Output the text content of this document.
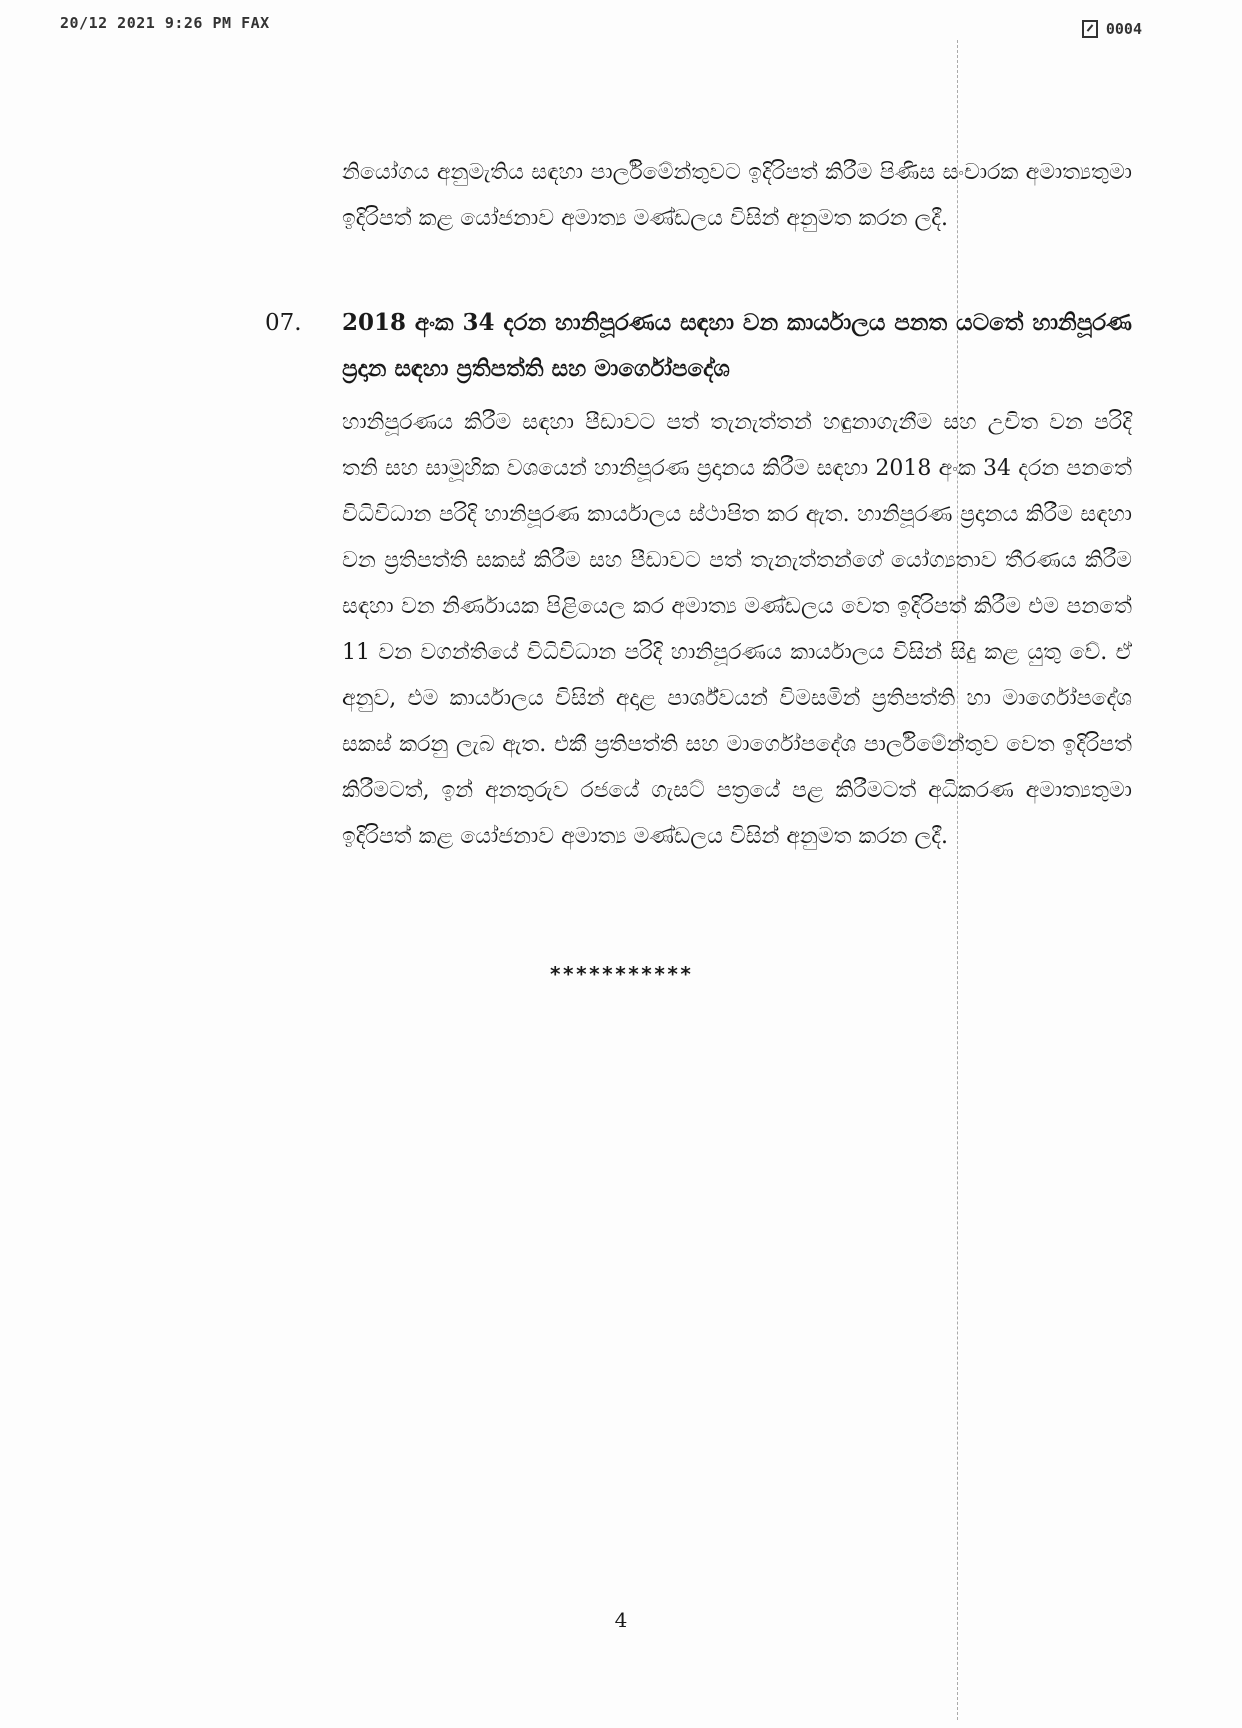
20/12 2021 9:26 PM FAX	0004
නියෝගය අනුමැතිය සඳහා පාර්ලිමේන්තුවට ඉදිරිපත් කිරීම පිණිස සංචාරක අමාත්‍යතුමා ඉදිරිපත් කළ යෝජනාව අමාත්‍ය මණ්ඩලය විසින් අනුමත කරන ලදී.
07. 2018 අංක 34 දරන හානිපූරණය සඳහා වන කාර්යාලය පනත යටතේ හානිපූරණ ප්‍රදාන සඳහා ප්‍රතිපත්ති සහ මාර්ගෝපදේශ
හානිපූරණය කිරීම සඳහා පීඩාවට පත් තැනැත්තන් හඳුනාගැනීම සහ උචිත වන පරිදි තනි සහ සාමූහික වශයෙන් හානිපූරණ ප්‍රදානය කිරීම සඳහා 2018 අංක 34 දරන පනතේ විධිවිධාන පරිදි හානිපූරණ කාර්යාලය ස්ථාපිත කර ඇත. හානිපූරණ ප්‍රදානය කිරීම සඳහා වන ප්‍රතිපත්ති සකස් කිරීම සහ පීඩාවට පත් තැනැත්තන්ගේ යෝග්‍යතාව තීරණය කිරීම සඳහා වන නිර්ණායක පිළියෙල කර අමාත්‍ය මණ්ඩලය වෙත ඉදිරිපත් කිරීම එම පනතේ 11 වන වගන්තියේ විධිවිධාන පරිදි හානිපූරණය කාර්යාලය විසින් සිදු කළ යුතු වේ. ඒ අනුව, එම කාර්යාලය විසින් අදාළ පාර්ශ්වයන් විමසමින් ප්‍රතිපත්ති හා මාර්ගෝපදේශ සකස් කරනු ලැබ ඇත. එකී ප්‍රතිපත්ති සහ මාර්ගෝපදේශ පාර්ලිමේන්තුව වෙත ඉදිරිපත් කිරීමටත්, ඉන් අනතුරුව රජයේ ගැසට් පත්‍රයේ පළ කිරීමටත් අධිකරණ අමාත්‍යතුමා ඉදිරිපත් කළ යෝජනාව අමාත්‍ය මණ්ඩලය විසින් අනුමත කරන ලදී.
***********
4
